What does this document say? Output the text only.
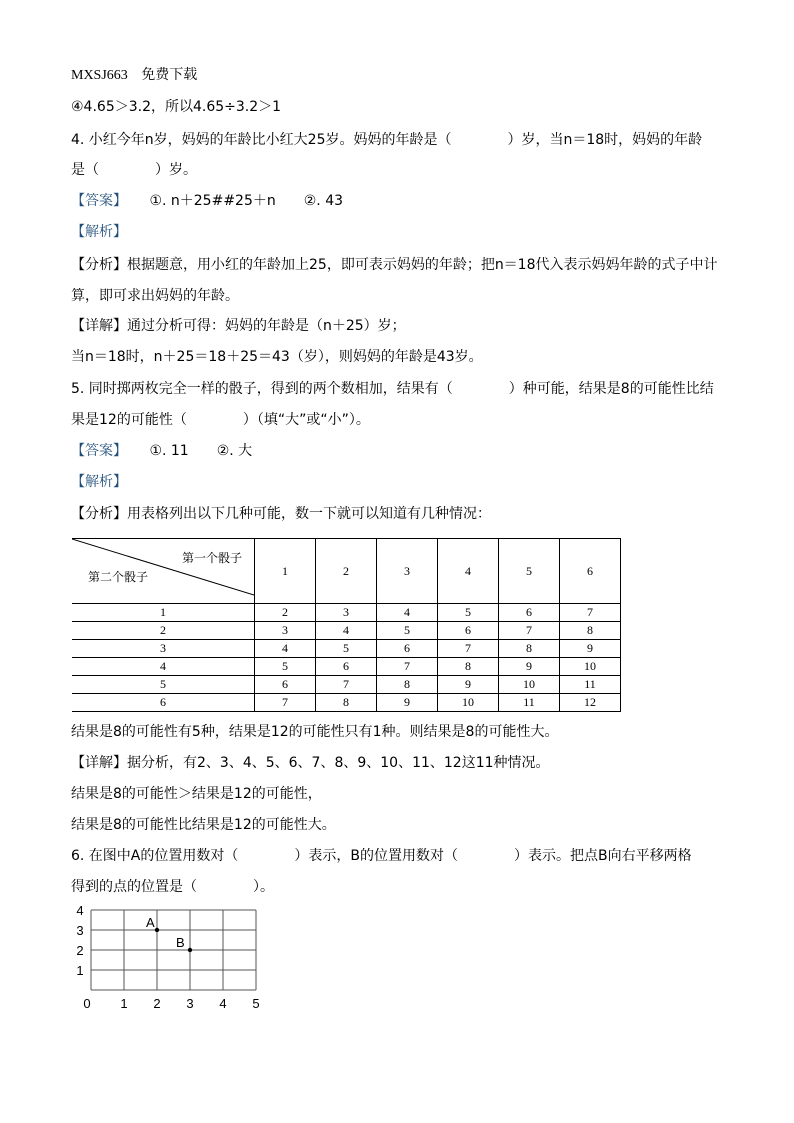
MXSJ663 免费下载
④4.65＞3.2，所以4.65÷3.2＞1
4. 小红今年n岁，妈妈的年龄比小红大25岁。妈妈的年龄是（　　　　）岁，当n＝18时，妈妈的年龄
是（　　　　）岁。
【答案】 ①. n＋25##25＋n　　②. 43
【解析】
【分析】根据题意，用小红的年龄加上25，即可表示妈妈的年龄；把n＝18代入表示妈妈年龄的式子中计
算，即可求出妈妈的年龄。
【详解】通过分析可得：妈妈的年龄是（n＋25）岁；
当n＝18时，n＋25＝18＋25＝43（岁），则妈妈的年龄是43岁。
5. 同时掷两枚完全一样的骰子，得到的两个数相加，结果有（　　　　）种可能，结果是8的可能性比结
果是12的可能性（　　　　）（填“大”或“小”）。
【答案】 ①. 11　　②. 大
【解析】
【分析】用表格列出以下几种可能，数一下就可以知道有几种情况：
第一个骰子
第二个骰子	1	2	3	4	5	6
1	2	3	4	5	6	7
2	3	4	5	6	7	8
3	4	5	6	7	8	9
4	5	6	7	8	9	10
5	6	7	8	9	10	11
6	7	8	9	10	11	12
结果是8的可能性有5种，结果是12的可能性只有1种。则结果是8的可能性大。
【详解】据分析，有2、3、4、5、6、7、8、9、10、11、12这11种情况。
结果是8的可能性＞结果是12的可能性，
结果是8的可能性比结果是12的可能性大。
6. 在图中A的位置用数对（　　　　）表示，B的位置用数对（　　　　）表示。把点B向右平移两格
得到的点的位置是（　　　　）。
0 1 2 3 4 5
1
2
3
4
A
B
